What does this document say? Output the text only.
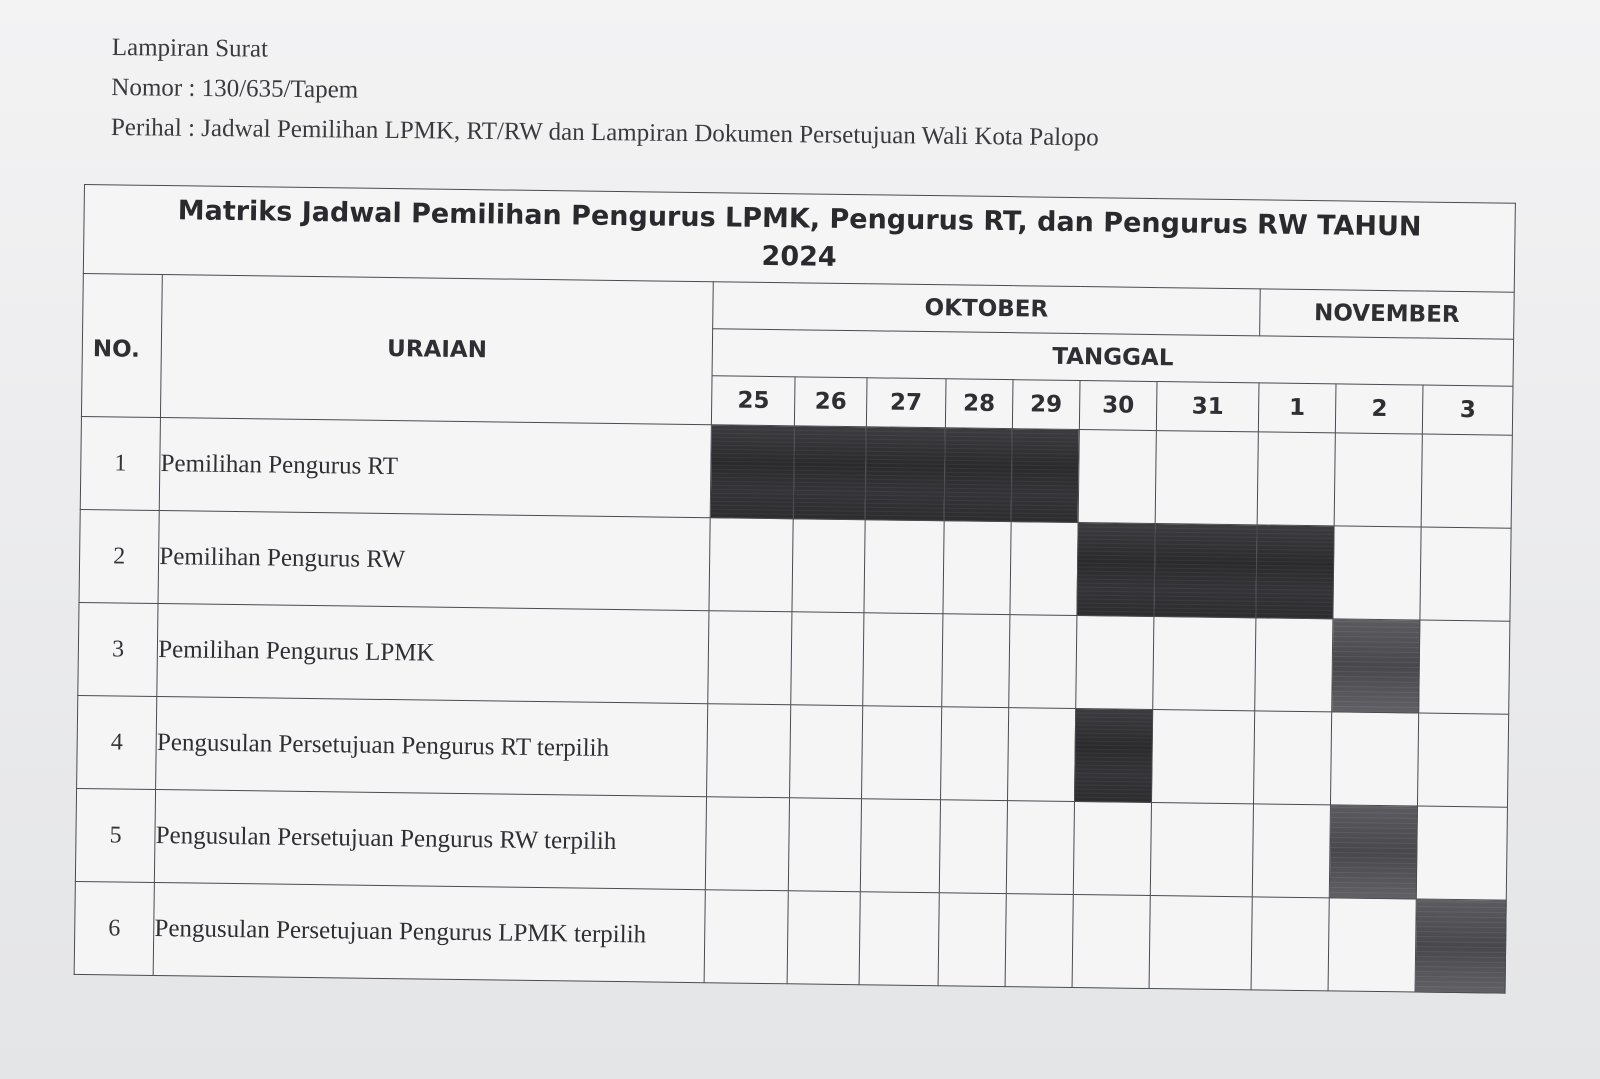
Lampiran Surat
Nomor : 130/635/Tapem
Perihal : Jadwal Pemilihan LPMK, RT/RW dan Lampiran Dokumen Persetujuan Wali Kota Palopo
Matriks Jadwal Pemilihan Pengurus LPMK, Pengurus RT, dan Pengurus RW TAHUN
2024											

NO.	URAIAN	OKTOBER							NOVEMBER		
		TANGGAL									
		25	26	27	28	29	30	31	1	2	3
1	Pemilihan Pengurus RT										
2	Pemilihan Pengurus RW										
3	Pemilihan Pengurus LPMK										
4	Pengusulan Persetujuan Pengurus RT terpilih										
5	Pengusulan Persetujuan Pengurus RW terpilih										
6	Pengusulan Persetujuan Pengurus LPMK terpilih										
